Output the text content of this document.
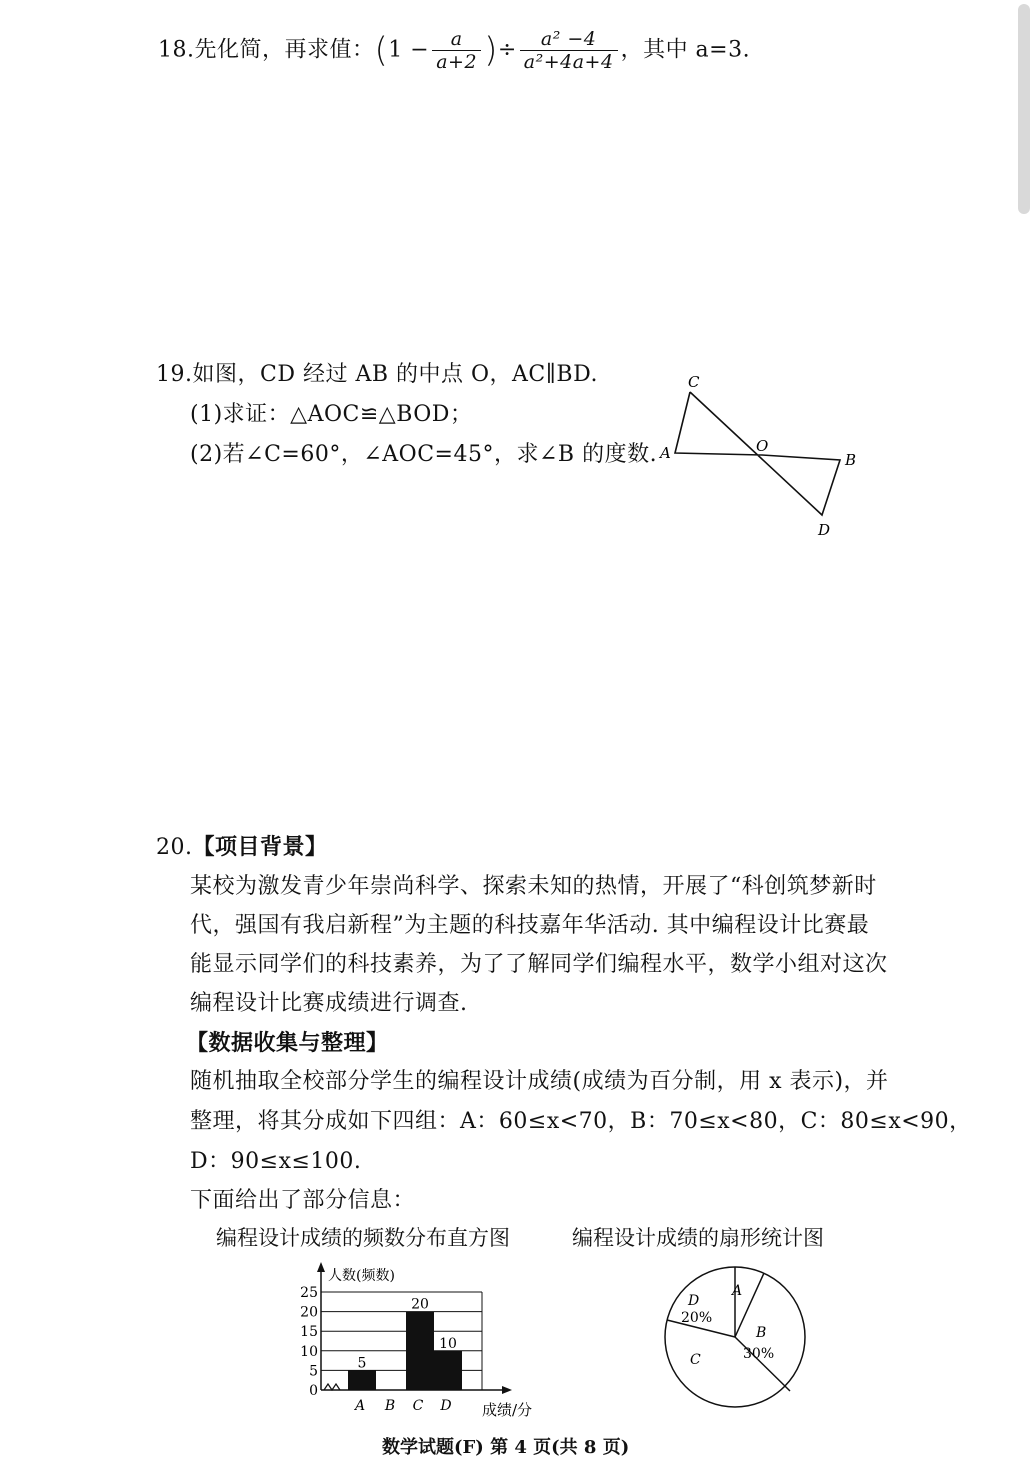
18.先化简，再求值：($1 - \frac{a}{a+2}$ )÷ $\frac{\text{a² −4}}{\text{a²+4a+4}}$ ，其中 a=3.
19.如图，CD 经过 AB 的中点 O，AC∥BD.
(1)求证：△AOC≌△BOD；
(2)若∠C=60°，∠AOC=45°，求∠B 的度数.
C
A	O
B
D
20.【项目背景】
某校为激发青少年崇尚科学、探索未知的热情，开展了“科创筑梦新时
代，强国有我启新程”为主题的科技嘉年华活动. 其中编程设计比赛最
能显示同学们的科技素养，为了了解同学们编程水平，数学小组对这次
编程设计比赛成绩进行调查.
【数据收集与整理】
随机抽取全校部分学生的编程设计成绩(成绩为百分制，用 x 表示)，并
整理，将其分成如下四组：A：60≤x<70，B：70≤x<80，C：80≤x<90，
D：90≤x≤100.
下面给出了部分信息：
编程设计成绩的频数分布直方图	编程设计成绩的扇形统计图
人数(频数)
成绩/分
0
5
10
15
20
25
A B C D
5
20
10
A
B
30%
C
D
20%
数学试题(F) 第 4 页(共 8 页)
